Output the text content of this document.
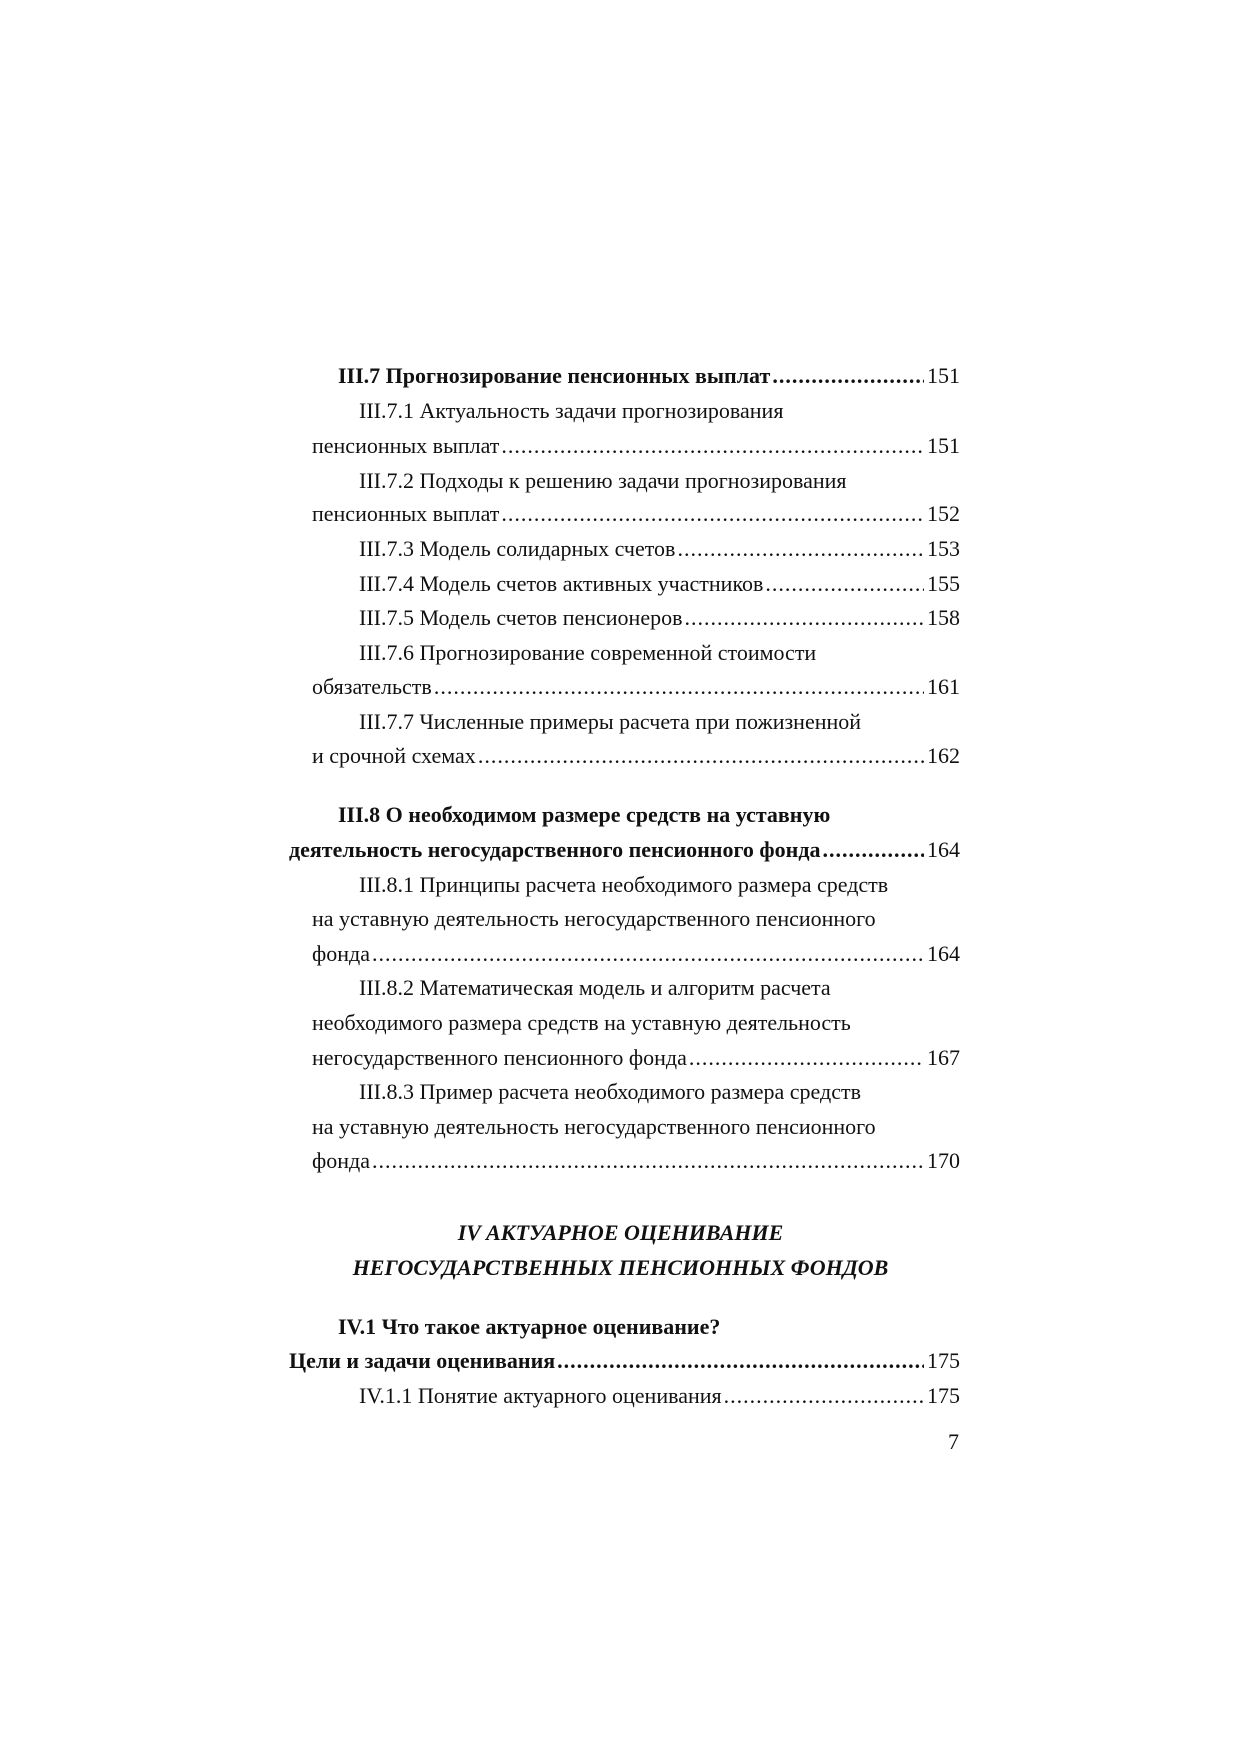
III.7 Прогнозирование пенсионных выплат .....	151
III.7.1 Актуальность задачи прогнозирования
пенсионных выплат .....	151
III.7.2 Подходы к решению задачи прогнозирования
пенсионных выплат .....	152
III.7.3 Модель солидарных счетов .....	153
III.7.4 Модель счетов активных участников .....	155
III.7.5 Модель счетов пенсионеров .....	158
III.7.6 Прогнозирование современной стоимости
обязательств .....	161
III.7.7 Численные примеры расчета при пожизненной
и срочной схемах .....	162
III.8 О необходимом размере средств на уставную
деятельность негосударственного пенсионного фонда .....	164
III.8.1 Принципы расчета необходимого размера средств
на уставную деятельность негосударственного пенсионного
фонда .....	164
III.8.2 Математическая модель и алгоритм расчета
необходимого размера средств на уставную деятельность
негосударственного пенсионного фонда .....	167
III.8.3 Пример расчета необходимого размера средств
на уставную деятельность негосударственного пенсионного
фонда .....	170
IV АКТУАРНОЕ ОЦЕНИВАНИЕ
НЕГОСУДАРСТВЕННЫХ ПЕНСИОННЫХ ФОНДОВ
IV.1 Что такое актуарное оценивание?
Цели и задачи оценивания .....	175
IV.1.1 Понятие актуарного оценивания .....	175
7
